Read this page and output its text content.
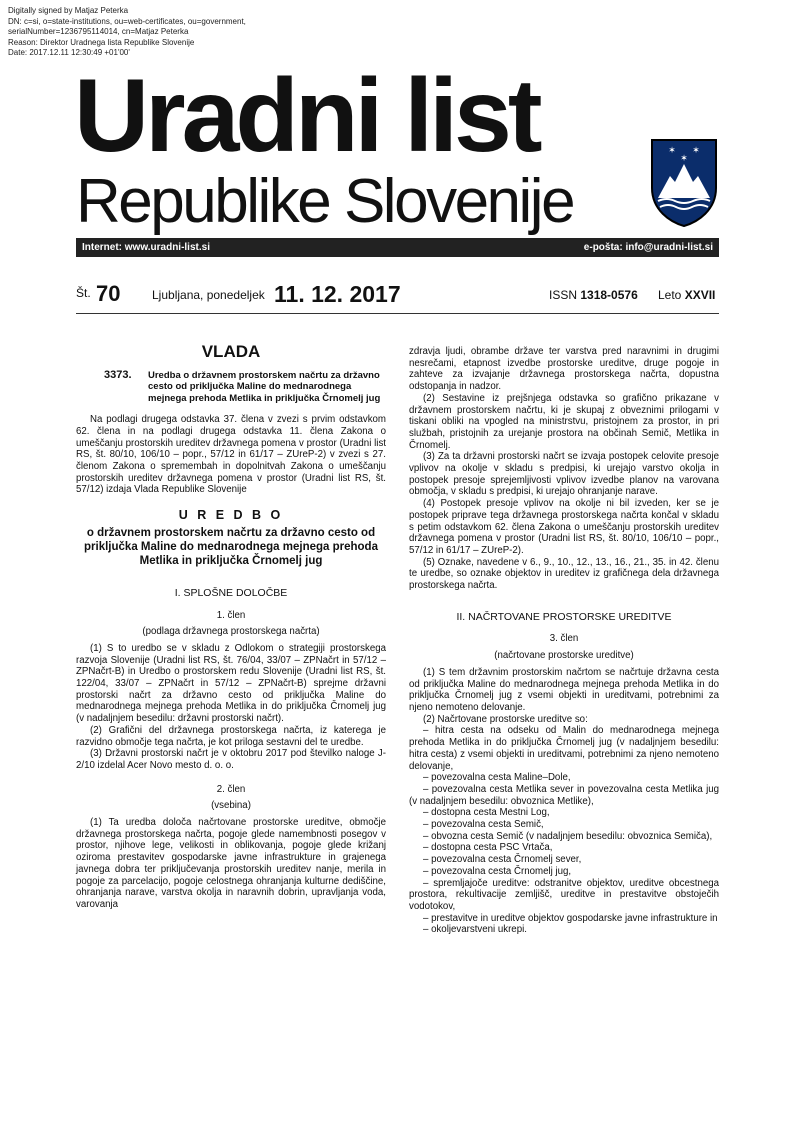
Digitally signed by Matjaz Peterka
DN: c=si, o=state-institutions, ou=web-certificates, ou=government,
serialNumber=1236795114014, cn=Matjaz Peterka
Reason: Direktor Uradnega lista Republike Slovenije
Date: 2017.12.11 12:30:49 +01'00'
Uradni list
Republike Slovenije
✶ ✶
✶
Internet: www.uradni-list.si	e-pošta: info@uradni-list.si
Št. 70	Ljubljana, ponedeljek 11. 12. 2017	ISSN 1318-0576 Leto XXVII
VLADA
3373.	Uredba o državnem prostorskem načrtu za državno cesto od priključka Maline do mednarodnega mejnega prehoda Metlika in priključka Črnomelj jug

Na podlagi drugega odstavka 37. člena v zvezi s prvim odstavkom 62. člena in na podlagi drugega odstavka 11. člena Zakona o umeščanju prostorskih ureditev državnega pomena v prostor (Uradni list RS, št. 80/10, 106/10 – popr., 57/12 in 61/17 – ZUreP-2) v zvezi s 27. členom Zakona o spremembah in dopolnitvah Zakona o umeščanju prostorskih ureditev državnega pomena v prostor (Uradni list RS, št. 57/12) izdaja Vlada Republike Slovenije

U R E D B O
o državnem prostorskem načrtu za državno cesto od priključka Maline do mednarodnega mejnega prehoda Metlika in priključka Črnomelj jug
I. SPLOŠNE DOLOČBE

1. člen

(podlaga državnega prostorskega načrta)

(1) S to uredbo se v skladu z Odlokom o strategiji prostorskega razvoja Slovenije (Uradni list RS, št. 76/04, 33/07 – ZPNačrt in 57/12 – ZPNačrt-B) in Uredbo o prostorskem redu Slovenije (Uradni list RS, št. 122/04, 33/07 – ZPNačrt in 57/12 – ZPNačrt-B) sprejme državni prostorski načrt za državno cesto od priključka Maline do mednarodnega mejnega prehoda Metlika in do priključka Črnomelj jug (v nadaljnjem besedilu: državni prostorski načrt).

(2) Grafični del državnega prostorskega načrta, iz katerega je razvidno območje tega načrta, je kot priloga sestavni del te uredbe.

(3) Državni prostorski načrt je v oktobru 2017 pod številko naloge J-2/10 izdelal Acer Novo mesto d. o. o.

2. člen

(vsebina)

(1) Ta uredba določa načrtovane prostorske ureditve, območje državnega prostorskega načrta, pogoje glede namembnosti posegov v prostor, njihove lege, velikosti in oblikovanja, pogoje glede križanj oziroma prestavitev gospodarske javne infrastrukture in grajenega javnega dobra ter priključevanja prostorskih ureditev nanje, merila in pogoje za parcelacijo, pogoje celostnega ohranjanja kulturne dediščine, ohranjanja narave, varstva okolja in naravnih dobrin, upravljanja voda, varovanja

zdravja ljudi, obrambe države ter varstva pred naravnimi in drugimi nesrečami, etapnost izvedbe prostorske ureditve, druge pogoje in zahteve za izvajanje državnega prostorskega načrta, dopustna odstopanja in nadzor.

(2) Sestavine iz prejšnjega odstavka so grafično prikazane v državnem prostorskem načrtu, ki je skupaj z obveznimi prilogami v tiskani obliki na vpogled na ministrstvu, pristojnem za prostor, in pri službah, pristojnih za urejanje prostora na občinah Semič, Metlika in Črnomelj.

(3) Za ta državni prostorski načrt se izvaja postopek celovite presoje vplivov na okolje v skladu s predpisi, ki urejajo varstvo okolja in postopek presoje sprejemljivosti vplivov izvedbe planov na varovana območja, v skladu s predpisi, ki urejajo ohranjanje narave.

(4) Postopek presoje vplivov na okolje ni bil izveden, ker se je postopek priprave tega državnega prostorskega načrta končal v skladu s petim odstavkom 62. člena Zakona o umeščanju prostorskih ureditev državnega pomena v prostor (Uradni list RS, št. 80/10, 106/10 – popr., 57/12 in 61/17 – ZUreP-2).

(5) Oznake, navedene v 6., 9., 10., 12., 13., 16., 21., 35. in 42. členu te uredbe, so oznake objektov in ureditev iz grafičnega dela državnega prostorskega načrta.

II. NAČRTOVANE PROSTORSKE UREDITVE

3. člen

(načrtovane prostorske ureditve)

(1) S tem državnim prostorskim načrtom se načrtuje državna cesta od priključka Maline do mednarodnega mejnega prehoda Metlika in do priključka Črnomelj jug z vsemi objekti in ureditvami, potrebnimi za njeno nemoteno delovanje.

(2) Načrtovane prostorske ureditve so:

– hitra cesta na odseku od Malin do mednarodnega mejnega prehoda Metlika in do priključka Črnomelj jug (v nadaljnjem besedilu: hitra cesta) z vsemi objekti in ureditvami, potrebnimi za njeno nemoteno delovanje,

– povezovalna cesta Maline–Dole,

– povezovalna cesta Metlika sever in povezovalna cesta Metlika jug (v nadaljnjem besedilu: obvoznica Metlike),

– dostopna cesta Mestni Log,

– povezovalna cesta Semič,

– obvozna cesta Semič (v nadaljnjem besedilu: obvoznica Semiča),

– dostopna cesta PSC Vrtača,

– povezovalna cesta Črnomelj sever,

– povezovalna cesta Črnomelj jug,

– spremljajoče ureditve: odstranitve objektov, ureditve obcestnega prostora, rekultivacije zemljišč, ureditve in prestavitve obstoječih vodotokov,

– prestavitve in ureditve objektov gospodarske javne infrastrukture in

– okoljevarstveni ukrepi.
